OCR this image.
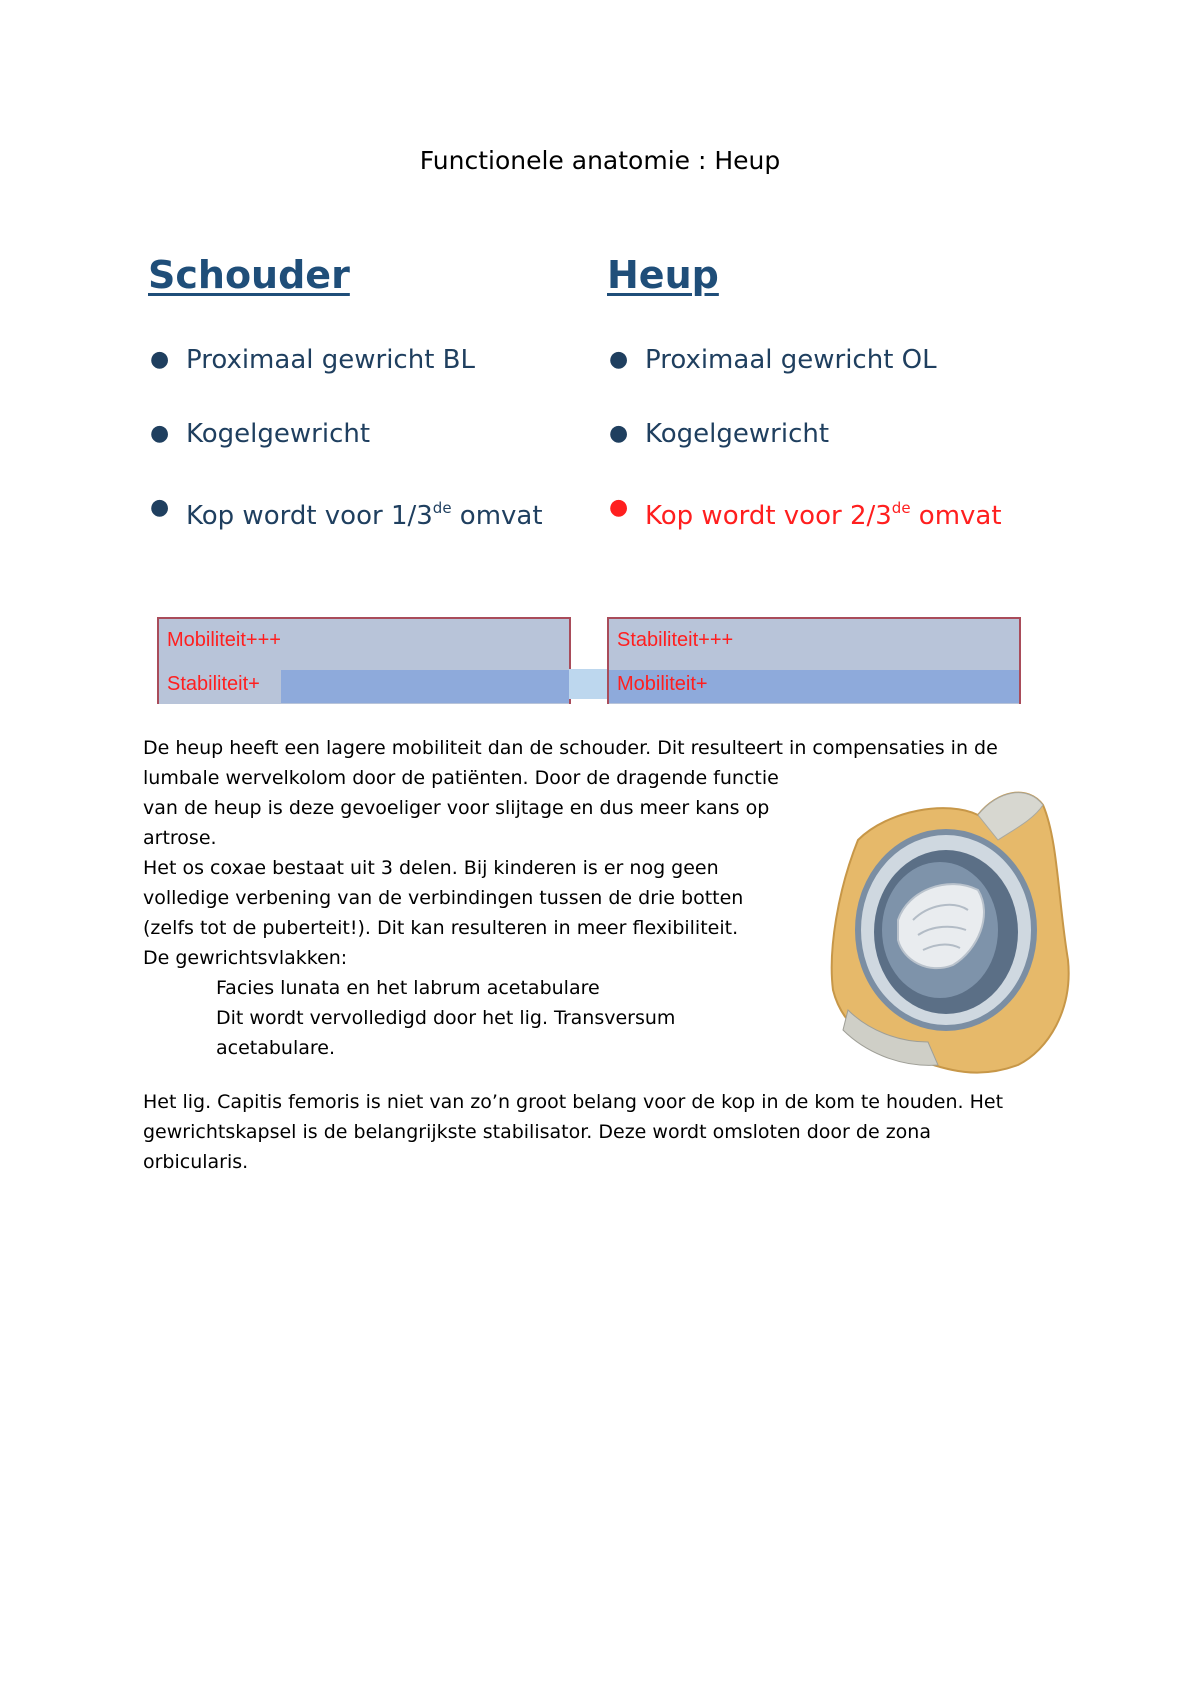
Functionele anatomie : Heup
Schouder
● Proximaal gewricht BL
● Kogelgewricht
● Kop wordt voor 1/3de omvat
Heup
● Proximaal gewricht OL
● Kogelgewricht
● Kop wordt voor 2/3de omvat
Mobiliteit+++
Stabiliteit+
Stabiliteit+++
Mobiliteit+
De heup heeft een lagere mobiliteit dan de schouder. Dit resulteert in compensaties in de
lumbale wervelkolom door de patiënten. Door de dragende functie
van de heup is deze gevoeliger voor slijtage en dus meer kans op
artrose.
Het os coxae bestaat uit 3 delen. Bij kinderen is er nog geen
volledige verbening van de verbindingen tussen de drie botten
(zelfs tot de puberteit!). Dit kan resulteren in meer flexibiliteit.
De gewrichtsvlakken:
Facies lunata en het labrum acetabulare
Dit wordt vervolledigd door het lig. Transversum
acetabulare.
Het lig. Capitis femoris is niet van zo’n groot belang voor de kop in de kom te houden. Het
gewrichtskapsel is de belangrijkste stabilisator. Deze wordt omsloten door de zona
orbicularis.
